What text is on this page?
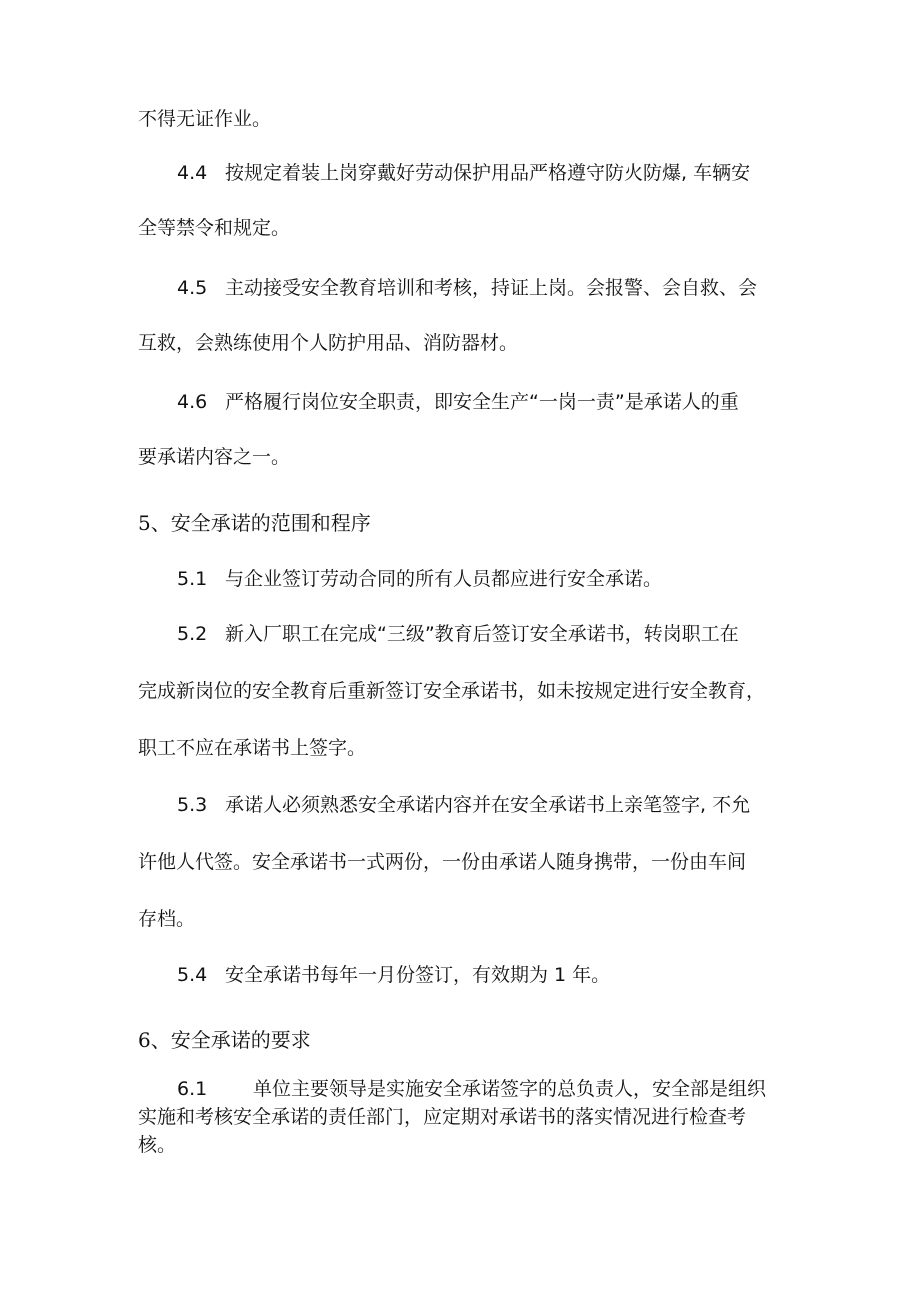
不得无证作业。
4.4 按规定着装上岗穿戴好劳动保护用品严格遵守防火防爆, 车辆安
全等禁令和规定。
4.5 主动接受安全教育培训和考核，持证上岗。会报警、会自救、会
互救，会熟练使用个人防护用品、消防器材。
4.6 严格履行岗位安全职责，即安全生产“一岗一责”是承诺人的重
要承诺内容之一。
5、安全承诺的范围和程序
5.1 与企业签订劳动合同的所有人员都应进行安全承诺。
5.2 新入厂职工在完成“三级”教育后签订安全承诺书，转岗职工在
完成新岗位的安全教育后重新签订安全承诺书，如未按规定进行安全教育，
职工不应在承诺书上签字。
5.3 承诺人必须熟悉安全承诺内容并在安全承诺书上亲笔签字, 不允
许他人代签。安全承诺书一式两份，一份由承诺人随身携带，一份由车间
存档。
5.4 安全承诺书每年一月份签订，有效期为 1 年。
6、安全承诺的要求
6.1 单位主要领导是实施安全承诺签字的总负责人，安全部是组织
实施和考核安全承诺的责任部门，应定期对承诺书的落实情况进行检查考
核。
